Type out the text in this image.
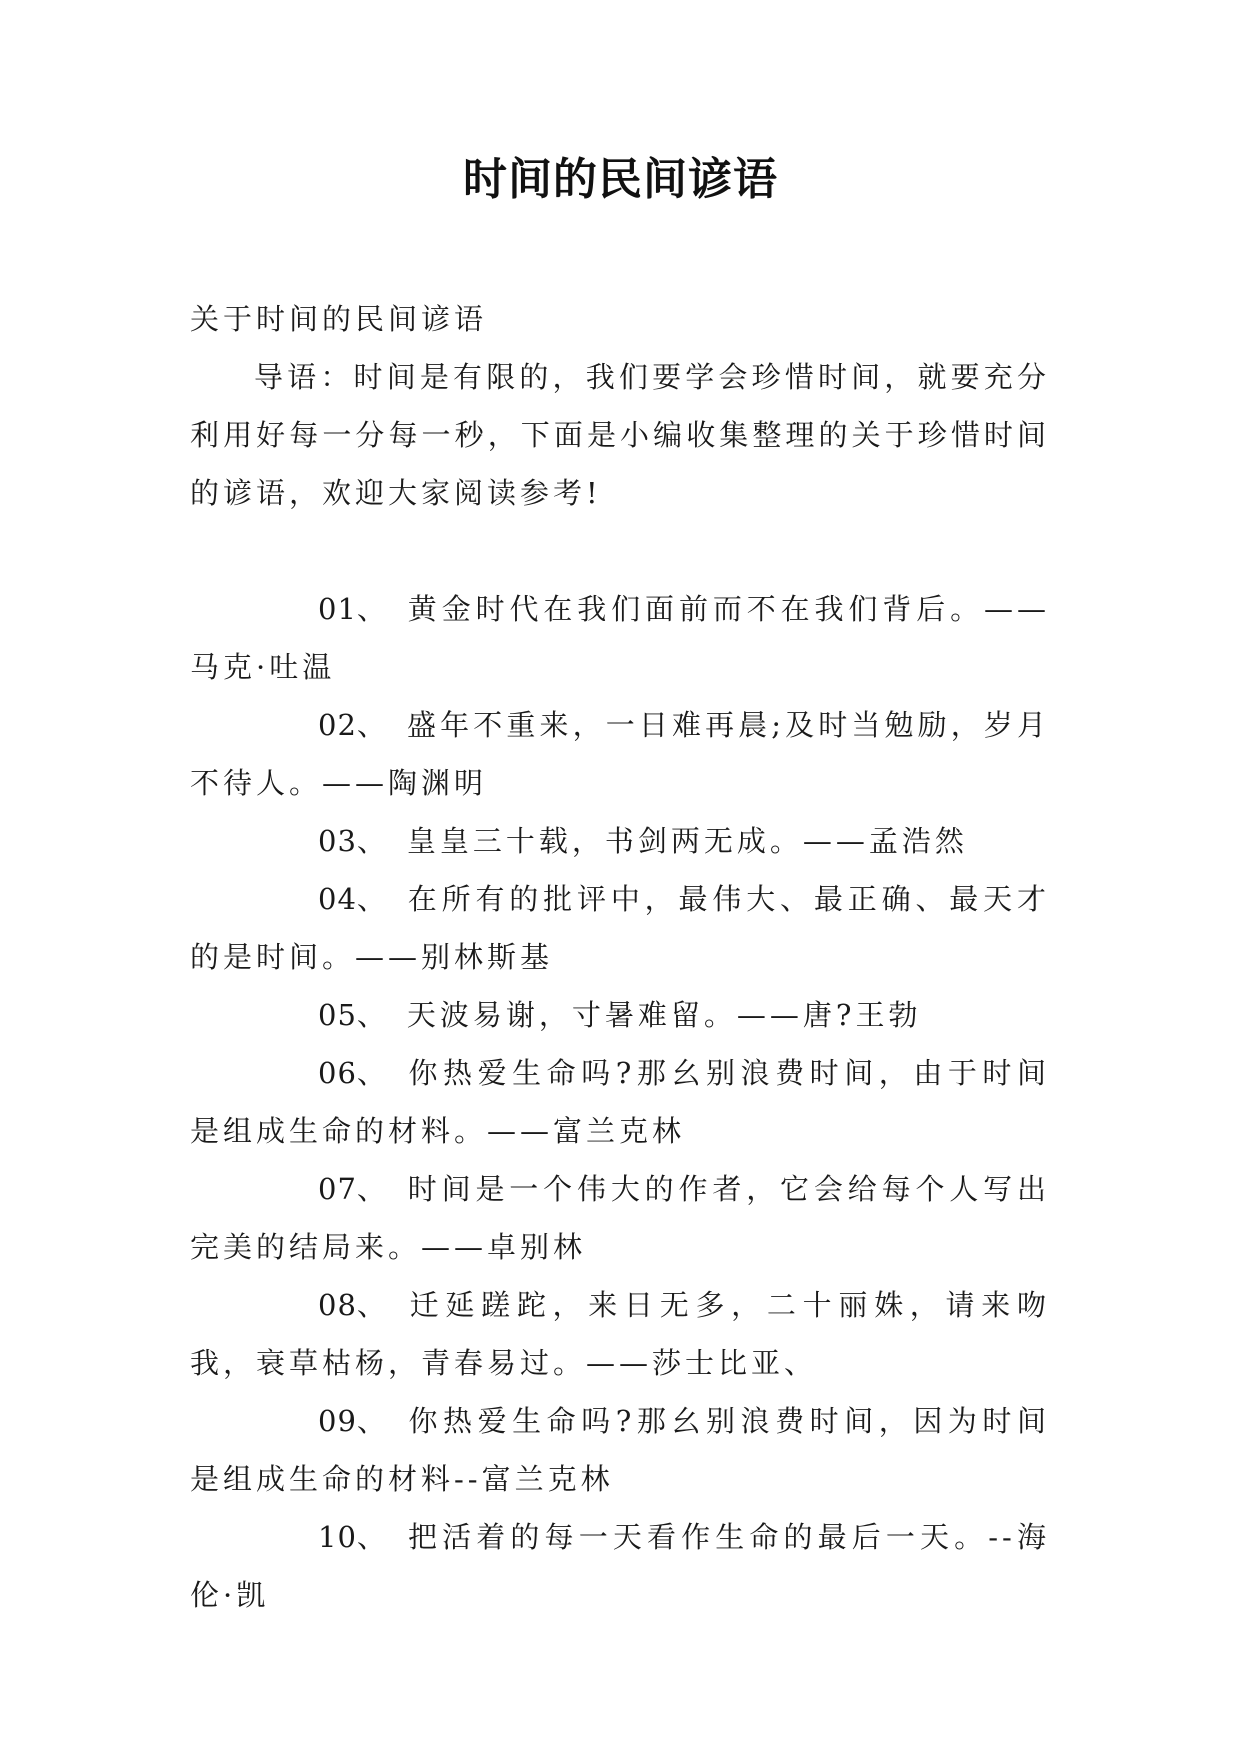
时间的民间谚语

关于时间的民间谚语

导语：时间是有限的，我们要学会珍惜时间，就要充分利用好每一分每一秒，下面是小编收集整理的关于珍惜时间的谚语，欢迎大家阅读参考!

01、 黄金时代在我们面前而不在我们背后。——马克·吐温

02、 盛年不重来，一日难再晨;及时当勉励，岁月不待人。——陶渊明

03、 皇皇三十载，书剑两无成。——孟浩然

04、 在所有的批评中，最伟大、最正确、最天才的是时间。——别林斯基

05、 天波易谢，寸暑难留。——唐?王勃

06、 你热爱生命吗?那幺别浪费时间，由于时间是组成生命的材料。——富兰克林

07、 时间是一个伟大的作者，它会给每个人写出完美的结局来。——卓别林

08、 迁延蹉跎，来日无多，二十丽姝，请来吻我，衰草枯杨，青春易过。——莎士比亚、

09、 你热爱生命吗?那幺别浪费时间，因为时间是组成生命的材料--富兰克林

10、 把活着的每一天看作生命的最后一天。--海伦·凯
